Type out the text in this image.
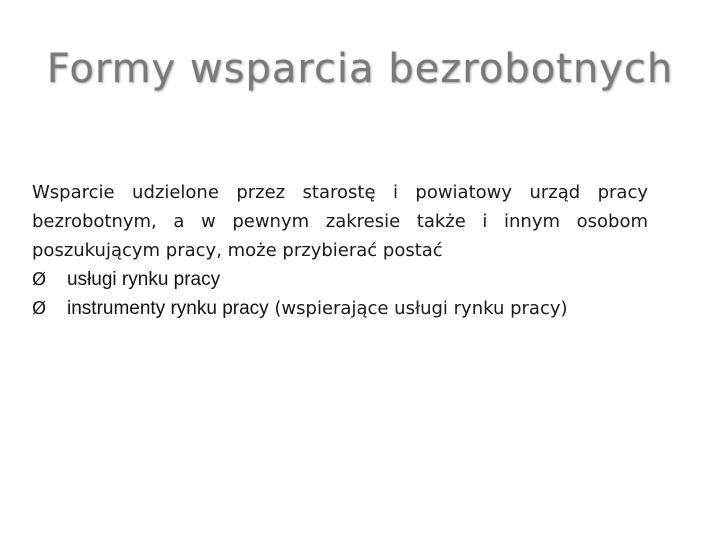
Formy wsparcia bezrobotnych

Wsparcie udzielone przez starostę i powiatowy urząd pracy bezrobotnym, a w pewnym zakresie także i innym osobom poszukującym pracy, może przybierać postać

Ø	usługi rynku pracy
Ø	instrumenty rynku pracy (wspierające usługi rynku pracy)
